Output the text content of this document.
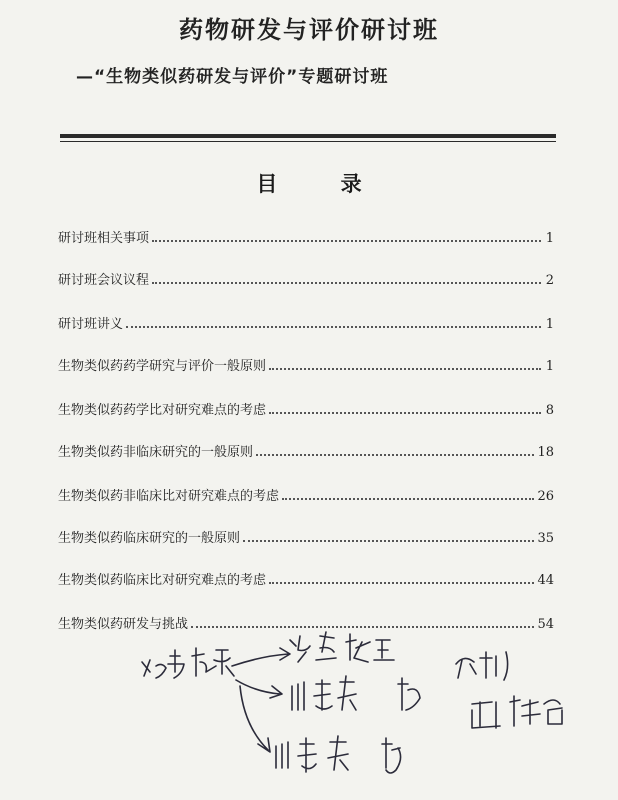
药物研发与评价研讨班
—“生物类似药研发与评价”专题研讨班
目 录
研讨班相关事项	1
研讨班会议议程	2
研讨班讲义	1
生物类似药药学研究与评价一般原则	1
生物类似药药学比对研究难点的考虑	8
生物类似药非临床研究的一般原则	18
生物类似药非临床比对研究难点的考虑	26
生物类似药临床研究的一般原则	35
生物类似药临床比对研究难点的考虑	44
生物类似药研发与挑战	54
